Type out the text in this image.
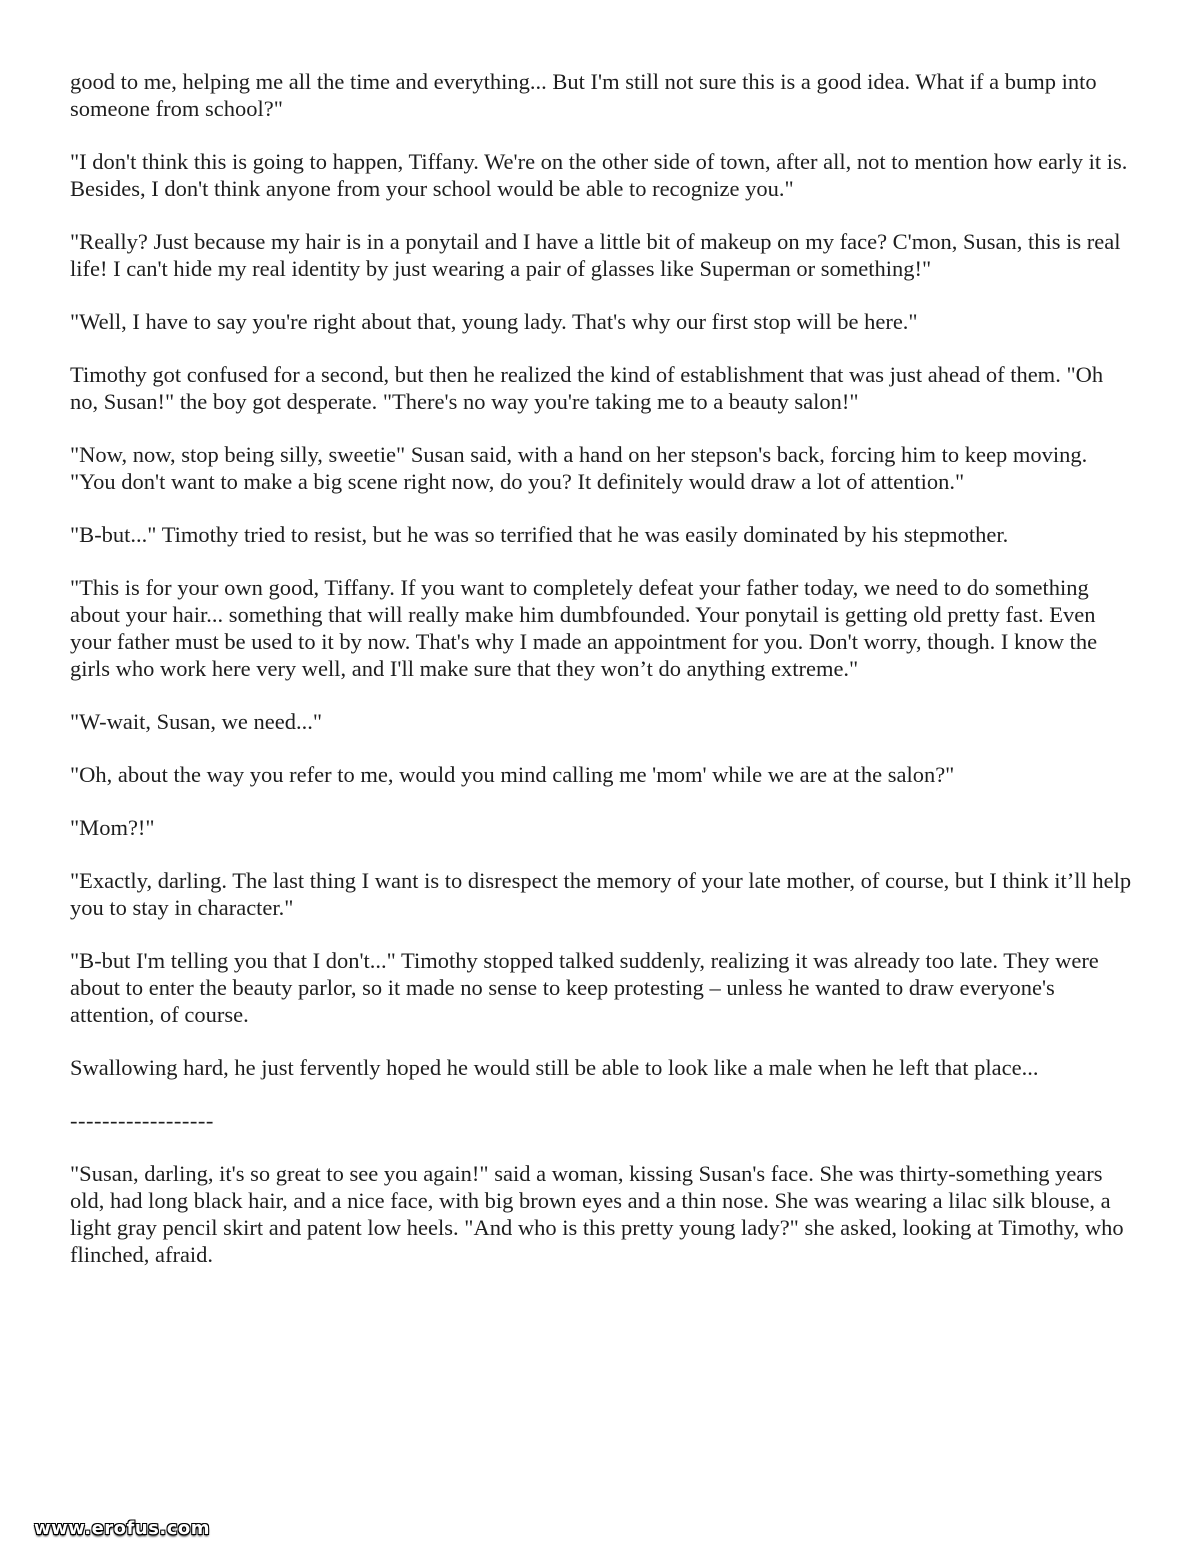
good to me, helping me all the time and everything... But I'm still not sure this is a good idea. What if a bump into someone from school?"

"I don't think this is going to happen, Tiffany. We're on the other side of town, after all, not to mention how early it is. Besides, I don't think anyone from your school would be able to recognize you."

"Really? Just because my hair is in a ponytail and I have a little bit of makeup on my face? C'mon, Susan, this is real life! I can't hide my real identity by just wearing a pair of glasses like Superman or something!"

"Well, I have to say you're right about that, young lady. That's why our first stop will be here."

Timothy got confused for a second, but then he realized the kind of establishment that was just ahead of them. "Oh no, Susan!" the boy got desperate. "There's no way you're taking me to a beauty salon!"

"Now, now, stop being silly, sweetie" Susan said, with a hand on her stepson's back, forcing him to keep moving. "You don't want to make a big scene right now, do you? It definitely would draw a lot of attention."

"B-but..." Timothy tried to resist, but he was so terrified that he was easily dominated by his stepmother.

"This is for your own good, Tiffany. If you want to completely defeat your father today, we need to do something about your hair... something that will really make him dumbfounded. Your ponytail is getting old pretty fast. Even your father must be used to it by now. That's why I made an appointment for you. Don't worry, though. I know the girls who work here very well, and I'll make sure that they won’t do anything extreme."

"W-wait, Susan, we need..."

"Oh, about the way you refer to me, would you mind calling me 'mom' while we are at the salon?"

"Mom?!"

"Exactly, darling. The last thing I want is to disrespect the memory of your late mother, of course, but I think it’ll help you to stay in character."

"B-but I'm telling you that I don't..." Timothy stopped talked suddenly, realizing it was already too late. They were about to enter the beauty parlor, so it made no sense to keep protesting – unless he wanted to draw everyone's attention, of course.

Swallowing hard, he just fervently hoped he would still be able to look like a male when he left that place...

------------------

"Susan, darling, it's so great to see you again!" said a woman, kissing Susan's face. She was thirty-something years old, had long black hair, and a nice face, with big brown eyes and a thin nose. She was wearing a lilac silk blouse, a light gray pencil skirt and patent low heels. "And who is this pretty young lady?" she asked, looking at Timothy, who flinched, afraid.

www.erofus.com
